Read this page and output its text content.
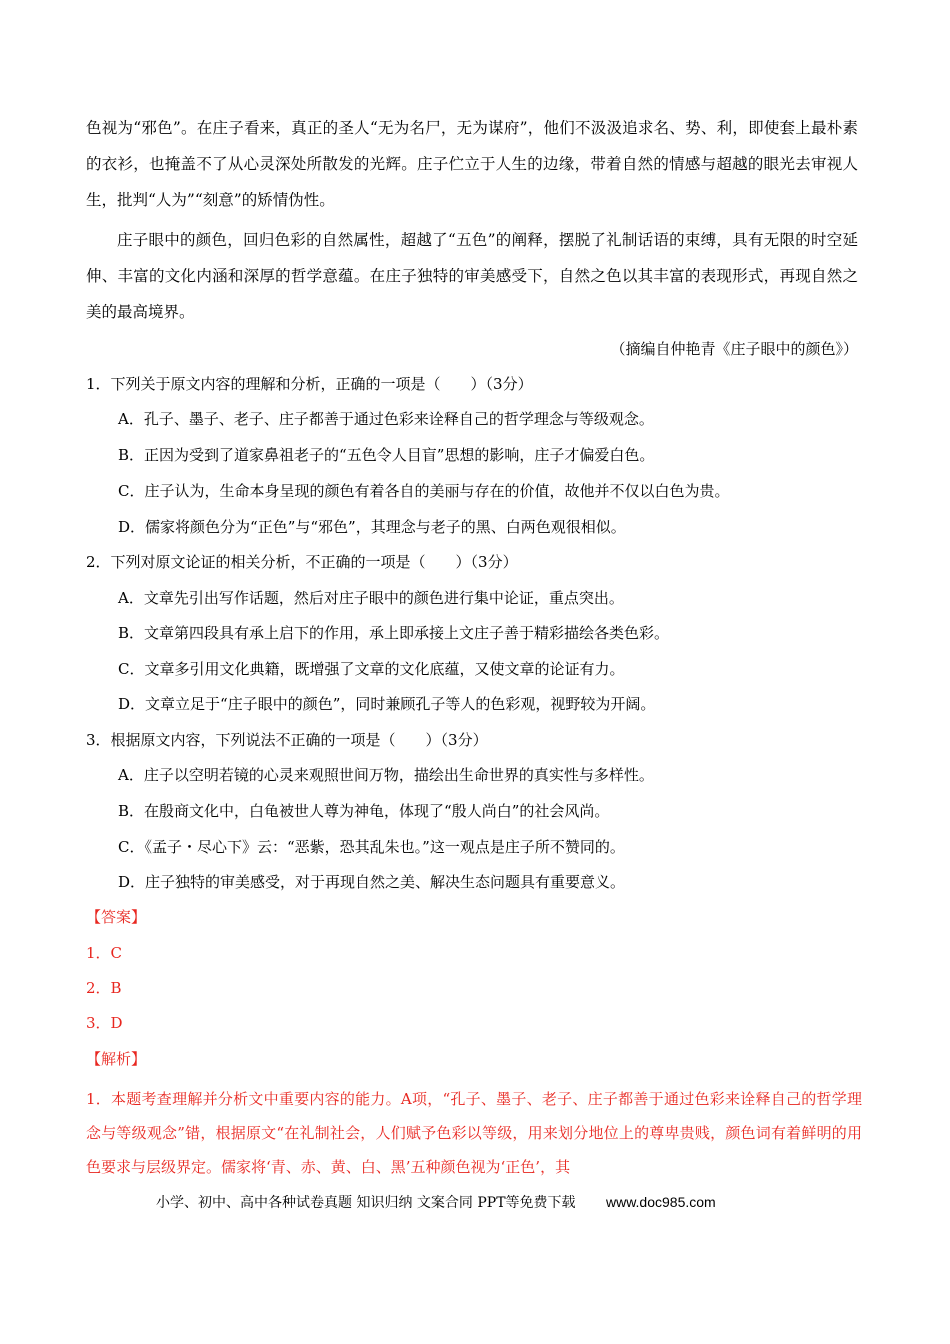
色视为“邪色”。在庄子看来，真正的圣人“无为名尸，无为谋府”，他们不汲汲追求名、势、利，即使套上最朴素的衣衫，也掩盖不了从心灵深处所散发的光辉。庄子伫立于人生的边缘，带着自然的情感与超越的眼光去审视人生，批判“人为”“刻意”的矫情伪性。

庄子眼中的颜色，回归色彩的自然属性，超越了“五色”的阐释，摆脱了礼制话语的束缚，具有无限的时空延伸、丰富的文化内涵和深厚的哲学意蕴。在庄子独特的审美感受下，自然之色以其丰富的表现形式，再现自然之美的最高境界。

（摘编自仲艳青《庄子眼中的颜色》）
1．下列关于原文内容的理解和分析，正确的一项是（　　）（3分）
A．孔子、墨子、老子、庄子都善于通过色彩来诠释自己的哲学理念与等级观念。
B．正因为受到了道家鼻祖老子的“五色令人目盲”思想的影响，庄子才偏爱白色。
C．庄子认为，生命本身呈现的颜色有着各自的美丽与存在的价值，故他并不仅以白色为贵。
D．儒家将颜色分为“正色”与“邪色”，其理念与老子的黑、白两色观很相似。
2．下列对原文论证的相关分析，不正确的一项是（　　）（3分）
A．文章先引出写作话题，然后对庄子眼中的颜色进行集中论证，重点突出。
B．文章第四段具有承上启下的作用，承上即承接上文庄子善于精彩描绘各类色彩。
C．文章多引用文化典籍，既增强了文章的文化底蕴，又使文章的论证有力。
D．文章立足于“庄子眼中的颜色”，同时兼顾孔子等人的色彩观，视野较为开阔。
3．根据原文内容，下列说法不正确的一项是（　　）（3分）
A．庄子以空明若镜的心灵来观照世间万物，描绘出生命世界的真实性与多样性。
B．在殷商文化中，白龟被世人尊为神龟，体现了“殷人尚白”的社会风尚。
C．《孟子・尽心下》云：“恶紫，恐其乱朱也。”这一观点是庄子所不赞同的。
D．庄子独特的审美感受，对于再现自然之美、解决生态问题具有重要意义。
【答案】
1．C
2．B
3．D
【解析】
1．本题考查理解并分析文中重要内容的能力。A项，“孔子、墨子、老子、庄子都善于通过色彩来诠释自己的哲学理念与等级观念”错，根据原文“在礼制社会，人们赋予色彩以等级，用来划分地位上的尊卑贵贱，颜色词有着鲜明的用色要求与层级界定。儒家将‘青、赤、黄、白、黑’五种颜色视为‘正色’，其
小学、初中、高中各种试卷真题 知识归纳 文案合同 PPT等免费下载 www.doc985.com
